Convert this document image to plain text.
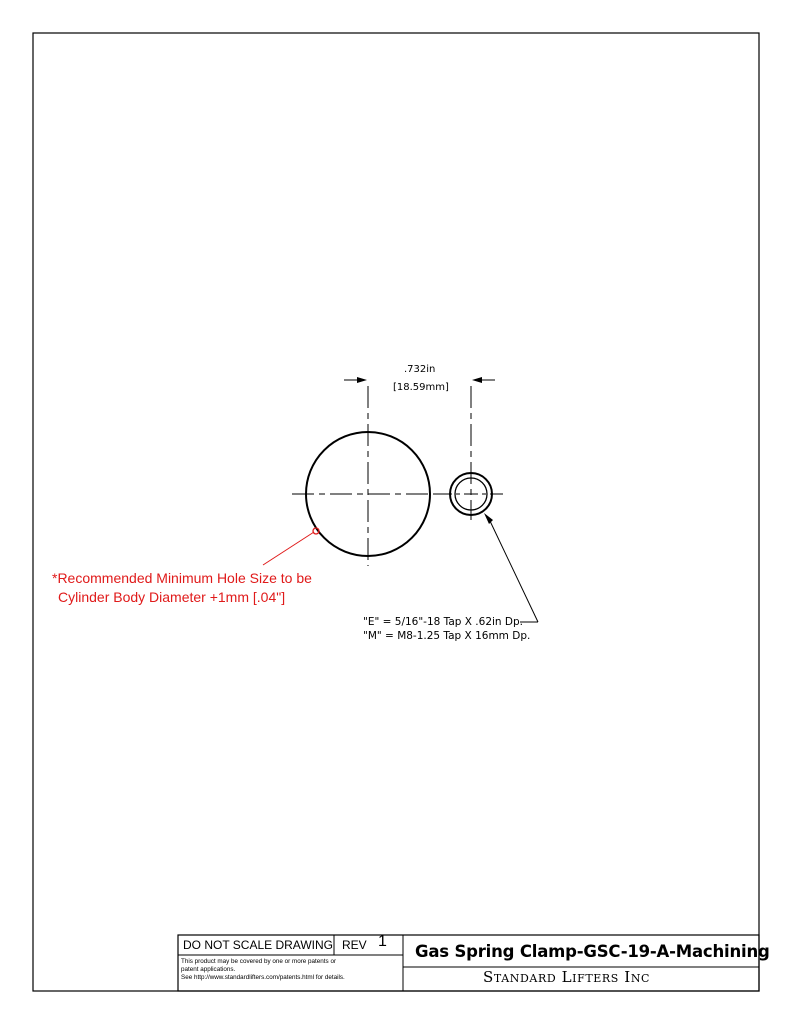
.732in
[18.59mm]
*Recommended Minimum Hole Size to be
Cylinder Body Diameter +1mm [.04"]
"E" = 5/16"-18 Tap X .62in Dp.
"M" = M8-1.25 Tap X 16mm Dp.
DO NOT SCALE DRAWING REV 1
This product may be covered by one or more patents or
patent applications.
See http://www.standardlifters.com/patents.html for details.
Gas Spring Clamp-GSC-19-A-Machining
Standard Lifters Inc
